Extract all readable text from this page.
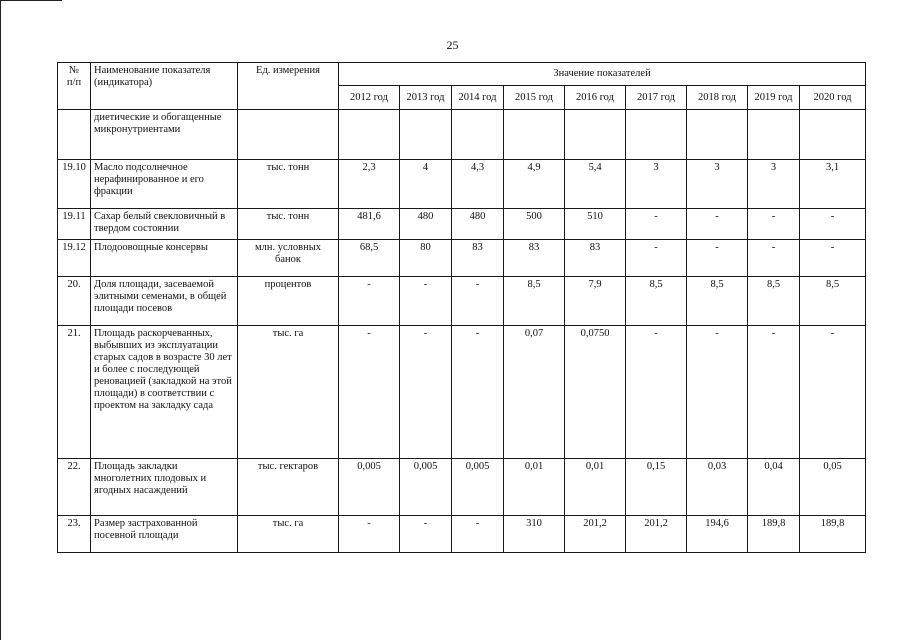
25
№
п/п	Наименование показателя (индикатора)	Ед. измерения	Значение показателей								
			2012 год	2013 год	2014 год	2015 год	2016 год	2017 год	2018 год	2019 год	2020 год
	диетические и обогащенные микронутриентами										
19.10	Масло подсолнечное нерафинированное и его фракции	тыс. тонн	2,3	4	4,3	4,9	5,4	3	3	3	3,1
19.11	Сахар белый свекловичный в твердом состоянии	тыс. тонн	481,6	480	480	500	510	-	-	-	-
19.12	Плодоовощные консервы	млн. условных банок	68,5	80	83	83	83	-	-	-	-
20.	Доля площади, засеваемой элитными семенами, в общей площади посевов	процентов	-	-	-	8,5	7,9	8,5	8,5	8,5	8,5
21.	Площадь раскорчеванных, выбывших из эксплуатации старых садов в возрасте 30 лет и более с последующей реновацией (закладкой на этой площади) в соответствии с проектом на закладку сада	тыс. га	-	-	-	0,07	0,0750	-	-	-	-
22.	Площадь закладки многолетних плодовых и ягодных насаждений	тыс. гектаров	0,005	0,005	0,005	0,01	0,01	0,15	0,03	0,04	0,05
23.	Размер застрахованной посевной площади	тыс. га	-	-	-	310	201,2	201,2	194,6	189,8	189,8
